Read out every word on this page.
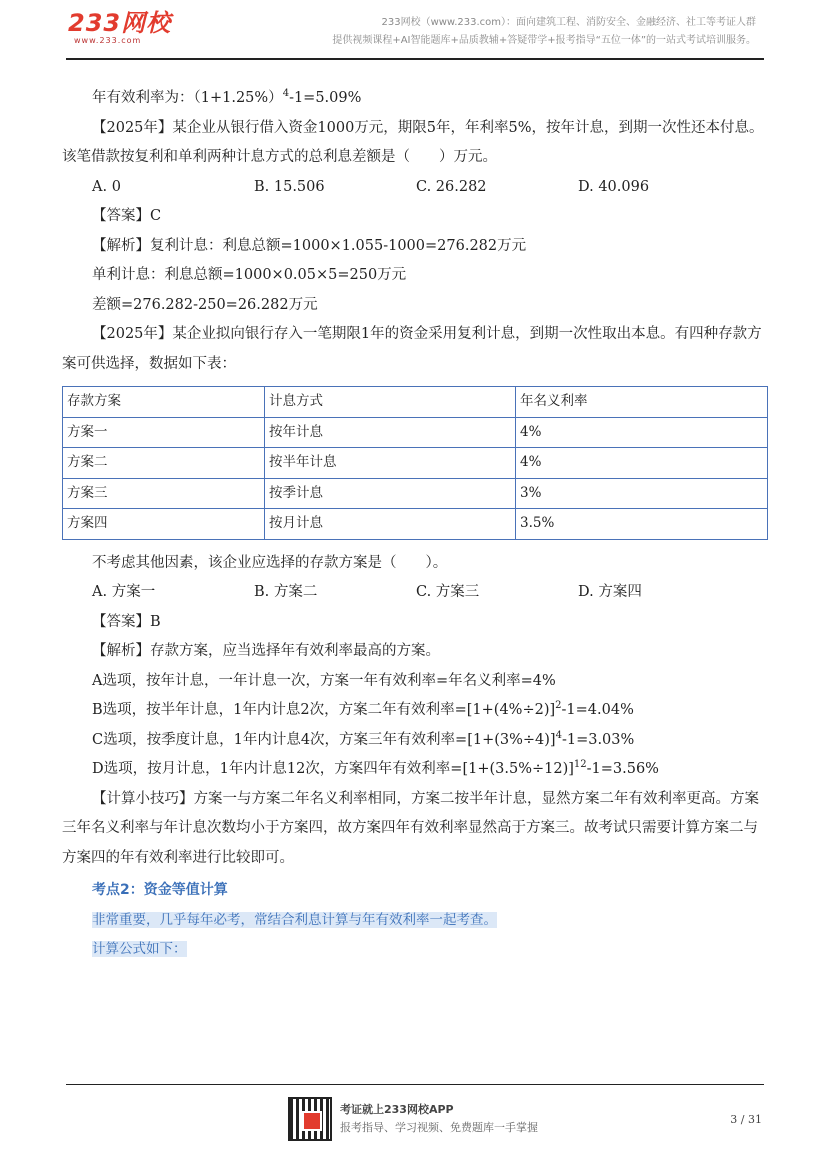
233网校
www.233.com
233网校（www.233.com）：面向建筑工程、消防安全、金融经济、社工等考证人群
提供视频课程+AI智能题库+品质教辅+答疑带学+报考指导“五位一体”的一站式考试培训服务。

年有效利率为：$(1+1.25\%)^4-1=5.09\%$

【2025年】某企业从银行借入资金1000万元，期限5年，年利率5%，按年计息，到期一次性还本付息。该笔借款按复利和单利两种计息方式的总利息差额是（　　）万元。

A. 0	B. 15.506	C. 26.282	D. 40.096

【答案】C

【解析】复利计息：利息总额=1000×1.055-1000=276.282万元

单利计息：利息总额=1000×0.05×5=250万元

差额=276.282-250=26.282万元

【2025年】某企业拟向银行存入一笔期限1年的资金采用复利计息，到期一次性取出本息。有四种存款方案可供选择，数据如下表：

存款方案	计息方式	年名义利率
方案一	按年计息	4%
方案二	按半年计息	4%
方案三	按季计息	3%
方案四	按月计息	3.5%

不考虑其他因素，该企业应选择的存款方案是（　　）。

A. 方案一	B. 方案二	C. 方案三	D. 方案四

【答案】B

【解析】存款方案，应当选择年有效利率最高的方案。

A选项，按年计息，一年计息一次，方案一年有效利率=年名义利率=4%

B选项，按半年计息，1年内计息2次，方案二年有效利率$=[1+(4\%\div 2)]^2-1=4.04\%$

C选项，按季度计息，1年内计息4次，方案三年有效利率$=[1+(3\%\div 4)]^4-1=3.03\%$

D选项，按月计息，1年内计息12次，方案四年有效利率$=[1+(3.5\%\div 12)]^{12}-1=3.56\%$

【计算小技巧】方案一与方案二年名义利率相同，方案二按半年计息，显然方案二年有效利率更高。方案三年名义利率与年计息次数均小于方案四，故方案四年有效利率显然高于方案三。故考试只需要计算方案二与方案四的年有效利率进行比较即可。

考点2：资金等值计算

非常重要，几乎每年必考，常结合利息计算与年有效利率一起考查。

计算公式如下：

考证就上233网校APP
报考指导、学习视频、免费题库一手掌握
3 / 31
